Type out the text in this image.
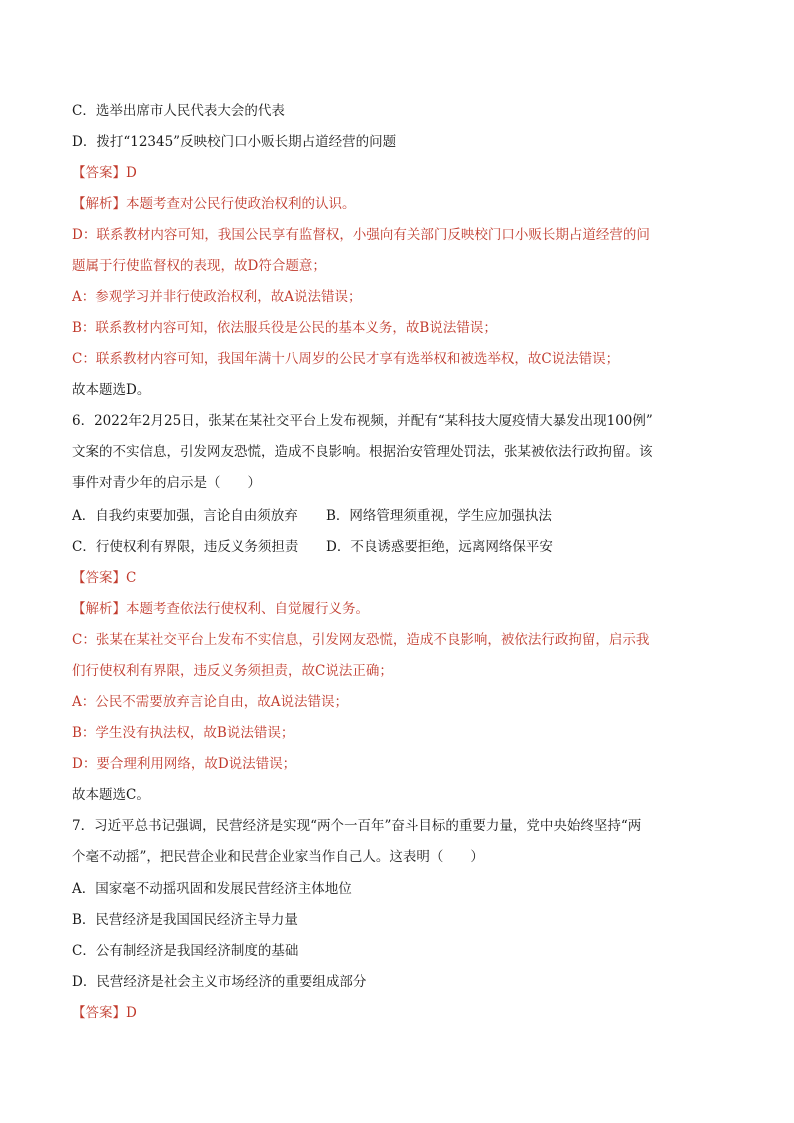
C．选举出席市人民代表大会的代表
D．拨打“12345”反映校门口小贩长期占道经营的问题
【答案】D
【解析】本题考查对公民行使政治权利的认识。
D：联系教材内容可知，我国公民享有监督权，小强向有关部门反映校门口小贩长期占道经营的问
题属于行使监督权的表现，故D符合题意；
A：参观学习并非行使政治权利，故A说法错误；
B：联系教材内容可知，依法服兵役是公民的基本义务，故B说法错误；
C：联系教材内容可知，我国年满十八周岁的公民才享有选举权和被选举权，故C说法错误；
故本题选D。
6．2022年2月25日，张某在某社交平台上发布视频，并配有“某科技大厦疫情大暴发出现100例”
文案的不实信息，引发网友恐慌，造成不良影响。根据治安管理处罚法，张某被依法行政拘留。该
事件对青少年的启示是（　　）
A．自我约束要加强，言论自由须放弃 B．网络管理须重视，学生应加强执法
C．行使权利有界限，违反义务须担责 D．不良诱惑要拒绝，远离网络保平安
【答案】C
【解析】本题考查依法行使权利、自觉履行义务。
C：张某在某社交平台上发布不实信息，引发网友恐慌，造成不良影响，被依法行政拘留，启示我
们行使权利有界限，违反义务须担责，故C说法正确；
A：公民不需要放弃言论自由，故A说法错误；
B：学生没有执法权，故B说法错误；
D：要合理利用网络，故D说法错误；
故本题选C。
7．习近平总书记强调，民营经济是实现“两个一百年”奋斗目标的重要力量，党中央始终坚持“两
个毫不动摇”，把民营企业和民营企业家当作自己人。这表明（　　）
A．国家毫不动摇巩固和发展民营经济主体地位
B．民营经济是我国国民经济主导力量
C．公有制经济是我国经济制度的基础
D．民营经济是社会主义市场经济的重要组成部分
【答案】D
